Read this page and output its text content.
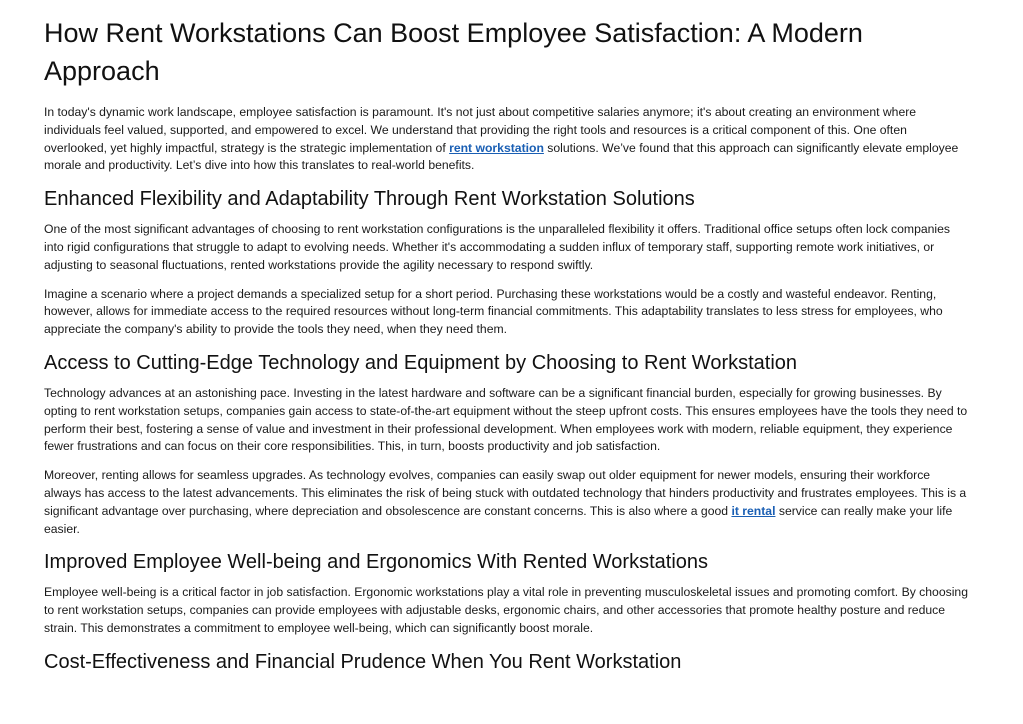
How Rent Workstations Can Boost Employee Satisfaction: A Modern Approach

In today's dynamic work landscape, employee satisfaction is paramount. It's not just about competitive salaries anymore; it's about creating an environment where individuals feel valued, supported, and empowered to excel. We understand that providing the right tools and resources is a critical component of this. One often overlooked, yet highly impactful, strategy is the strategic implementation of rent workstation solutions. We’ve found that this approach can significantly elevate employee morale and productivity. Let’s dive into how this translates to real-world benefits.

Enhanced Flexibility and Adaptability Through Rent Workstation Solutions

One of the most significant advantages of choosing to rent workstation configurations is the unparalleled flexibility it offers. Traditional office setups often lock companies into rigid configurations that struggle to adapt to evolving needs. Whether it's accommodating a sudden influx of temporary staff, supporting remote work initiatives, or adjusting to seasonal fluctuations, rented workstations provide the agility necessary to respond swiftly.

Imagine a scenario where a project demands a specialized setup for a short period. Purchasing these workstations would be a costly and wasteful endeavor. Renting, however, allows for immediate access to the required resources without long-term financial commitments. This adaptability translates to less stress for employees, who appreciate the company's ability to provide the tools they need, when they need them.

Access to Cutting-Edge Technology and Equipment by Choosing to Rent Workstation

Technology advances at an astonishing pace. Investing in the latest hardware and software can be a significant financial burden, especially for growing businesses. By opting to rent workstation setups, companies gain access to state-of-the-art equipment without the steep upfront costs. This ensures employees have the tools they need to perform their best, fostering a sense of value and investment in their professional development. When employees work with modern, reliable equipment, they experience fewer frustrations and can focus on their core responsibilities. This, in turn, boosts productivity and job satisfaction.

Moreover, renting allows for seamless upgrades. As technology evolves, companies can easily swap out older equipment for newer models, ensuring their workforce always has access to the latest advancements. This eliminates the risk of being stuck with outdated technology that hinders productivity and frustrates employees. This is a significant advantage over purchasing, where depreciation and obsolescence are constant concerns. This is also where a good it rental service can really make your life easier.

Improved Employee Well-being and Ergonomics With Rented Workstations

Employee well-being is a critical factor in job satisfaction. Ergonomic workstations play a vital role in preventing musculoskeletal issues and promoting comfort. By choosing to rent workstation setups, companies can provide employees with adjustable desks, ergonomic chairs, and other accessories that promote healthy posture and reduce strain. This demonstrates a commitment to employee well-being, which can significantly boost morale.

Cost-Effectiveness and Financial Prudence When You Rent Workstation
